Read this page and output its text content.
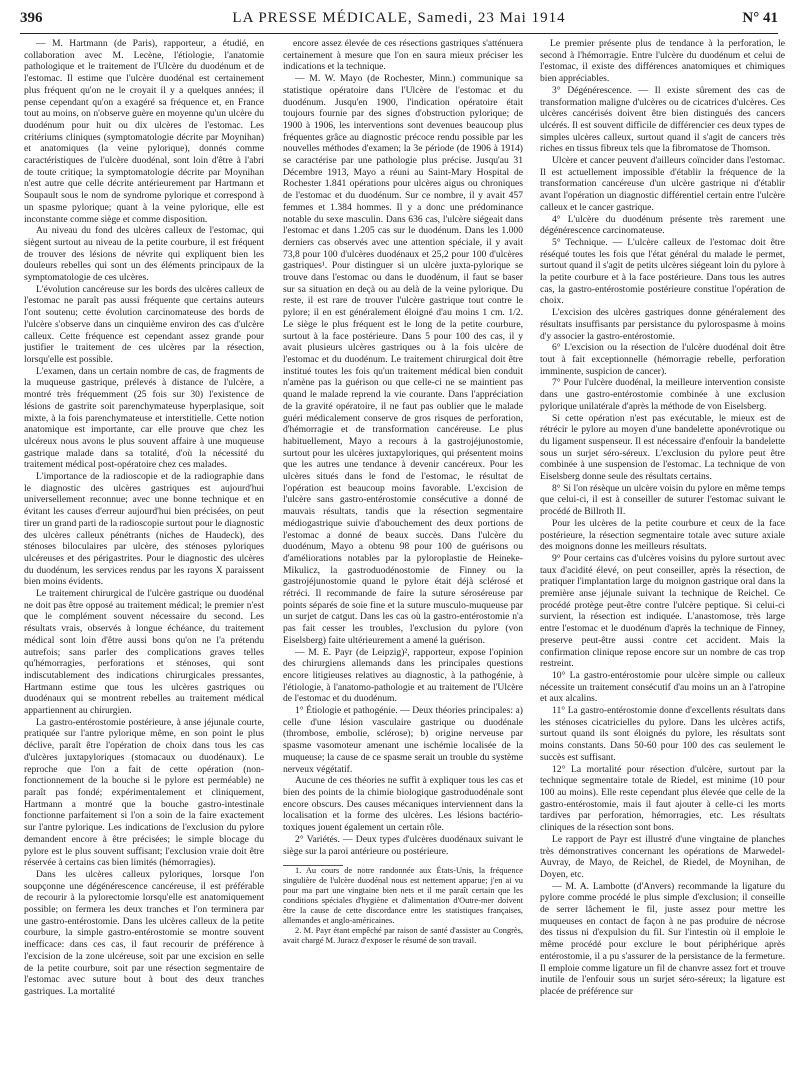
396	LA PRESSE MÉDICALE, Samedi, 23 Mai 1914	N° 41

— M. Hartmann (de Paris), rapporteur, a étudié, en collaboration avec M. Lecène, l'étiologie, l'anatomie pathologique et le traitement de l'Ulcère du duodénum et de l'estomac. Il estime que l'ulcère duodénal est certainement plus fréquent qu'on ne le croyait il y a quelques années; il pense cependant qu'on a exagéré sa fréquence et, en France tout au moins, on n'observe guère en moyenne qu'un ulcère du duodénum pour huit ou dix ulcères de l'estomac. Les critériums cliniques (symptomatologie décrite par Moynihan) et anatomiques (la veine pylorique), donnés comme caractéristiques de l'ulcère duodénal, sont loin d'être à l'abri de toute critique; la symptomatologie décrite par Moynihan n'est autre que celle décrite antérieurement par Hartmann et Soupault sous le nom de syndrome pylorique et correspond à un spasme pylorique; quant à la veine pylorique, elle est inconstante comme siège et comme disposition.

Au niveau du fond des ulcères calleux de l'estomac, qui siègent surtout au niveau de la petite courbure, il est fréquent de trouver des lésions de névrite qui expliquent bien les douleurs rebelles qui sont un des éléments principaux de la symptomatologie de ces ulcères.

L'évolution cancéreuse sur les bords des ulcères calleux de l'estomac ne paraît pas aussi fréquente que certains auteurs l'ont soutenu; cette évolution carcinomateuse des bords de l'ulcère s'observe dans un cinquième environ des cas d'ulcère calleux. Cette fréquence est cependant assez grande pour justifier le traitement de ces ulcères par la résection, lorsqu'elle est possible.

L'examen, dans un certain nombre de cas, de fragments de la muqueuse gastrique, prélevés à distance de l'ulcère, a montré très fréquemment (25 fois sur 30) l'existence de lésions de gastrite soit parenchymateuse hyperplasique, soit mixte, à la fois parenchymateuse et interstitielle. Cette notion anatomique est importante, car elle prouve que chez les ulcéreux nous avons le plus souvent affaire à une muqueuse gastrique malade dans sa totalité, d'où la nécessité du traitement médical post-opératoire chez ces malades.

L'importance de la radioscopie et de la radiographie dans le diagnostic des ulcères gastriques est aujourd'hui universellement reconnue; avec une bonne technique et en évitant les causes d'erreur aujourd'hui bien précisées, on peut tirer un grand parti de la radioscopie surtout pour le diagnostic des ulcères calleux pénétrants (niches de Haudeck), des sténoses biloculaires par ulcère, des sténoses pyloriques ulcéreuses et des périgastrites. Pour le diagnostic des ulcères du duodénum, les services rendus par les rayons X paraissent bien moins évidents.

Le traitement chirurgical de l'ulcère gastrique ou duodénal ne doit pas être opposé au traitement médical; le premier n'est que le complément souvent nécessaire du second. Les résultats vrais, observés à longue échéance, du traitement médical sont loin d'être aussi bons qu'on ne l'a prétendu autrefois; sans parler des complications graves telles qu'hémorragies, perforations et sténoses, qui sont indiscutablement des indications chirurgicales pressantes, Hartmann estime que tous les ulcères gastriques ou duodénaux qui se montrent rebelles au traitement médical appartiennent au chirurgien.

La gastro-entérostomie postérieure, à anse jéjunale courte, pratiquée sur l'antre pylorique même, en son point le plus déclive, paraît être l'opération de choix dans tous les cas d'ulcères juxtapyloriques (stomacaux ou duodénaux). Le reproche que l'on a fait de cette opération (non-fonctionnement de la bouche si le pylore est perméable) ne paraît pas fondé; expérimentalement et cliniquement, Hartmann a montré que la bouche gastro-intestinale fonctionne parfaitement si l'on a soin de la faire exactement sur l'antre pylorique. Les indications de l'exclusion du pylore demandent encore à être précisées; le simple blocage du pylore est le plus souvent suffisant; l'exclusion vraie doit être réservée à certains cas bien limités (hémorragies).

Dans les ulcères calleux pyloriques, lorsque l'on soupçonne une dégénérescence cancéreuse, il est préférable de recourir à la pylorectomie lorsqu'elle est anatomiquement possible; on fermera les deux tranches et l'on terminera par une gastro-entérostomie. Dans les ulcères calleux de la petite courbure, la simple gastro-entérostomie se montre souvent inefficace: dans ces cas, il faut recourir de préférence à l'excision de la zone ulcéreuse, soit par une excision en selle de la petite courbure, soit par une résection segmentaire de l'estomac avec suture bout à bout des deux tranches gastriques. La mortalité

encore assez élevée de ces résections gastriques s'atténuera certainement à mesure que l'on en saura mieux préciser les indications et la technique.

— M. W. Mayo (de Rochester, Minn.) communique sa statistique opératoire dans l'Ulcère de l'estomac et du duodénum. Jusqu'en 1900, l'indication opératoire était toujours fournie par des signes d'obstruction pylorique; de 1900 à 1906, les interventions sont devenues beaucoup plus fréquentes grâce au diagnostic précoce rendu possible par les nouvelles méthodes d'examen; la 3e période (de 1906 à 1914) se caractérise par une pathologie plus précise. Jusqu'au 31 Décembre 1913, Mayo a réuni au Saint-Mary Hospital de Rochester 1.841 opérations pour ulcères aigus ou chroniques de l'estomac et du duodénum. Sur ce nombre, il y avait 457 femmes et 1.384 hommes. Il y a donc une prédominance notable du sexe masculin. Dans 636 cas, l'ulcère siégeait dans l'estomac et dans 1.205 cas sur le duodénum. Dans les 1.000 derniers cas observés avec une attention spéciale, il y avait 73,8 pour 100 d'ulcères duodénaux et 25,2 pour 100 d'ulcères gastriques¹. Pour distinguer si un ulcère juxta-pylorique se trouve dans l'estomac ou dans le duodénum, il faut se baser sur sa situation en deçà ou au delà de la veine pylorique. Du reste, il est rare de trouver l'ulcère gastrique tout contre le pylore; il en est généralement éloigné d'au moins 1 cm. 1/2. Le siège le plus fréquent est le long de la petite courbure, surtout à la face postérieure. Dans 5 pour 100 des cas, il y avait plusieurs ulcères gastriques ou à la fois ulcère de l'estomac et du duodénum. Le traitement chirurgical doit être institué toutes les fois qu'un traitement médical bien conduit n'amène pas la guérison ou que celle-ci ne se maintient pas quand le malade reprend la vie courante. Dans l'appréciation de la gravité opératoire, il ne faut pas oublier que le malade guéri médicalement conserve de gros risques de perforation, d'hémorragie et de transformation cancéreuse. Le plus habituellement, Mayo a recours à la gastrojéjunostomie, surtout pour les ulcères juxtapyloriques, qui présentent moins que les autres une tendance à devenir cancéreux. Pour les ulcères situés dans le fond de l'estomac, le résultat de l'opération est beaucoup moins favorable. L'excision de l'ulcère sans gastro-entérostomie consécutive a donné de mauvais résultats, tandis que la résection segmentaire médiogastrique suivie d'abouchement des deux portions de l'estomac a donné de beaux succès. Dans l'ulcère du duodénum, Mayo a obtenu 98 pour 100 de guérisons ou d'améliorations notables par la pyloroplastie de Heineke-Mikulicz, la gastroduodénostomie de Finney ou la gastrojéjunostomie quand le pylore était déjà sclérosé et rétréci. Il recommande de faire la suture séroséreuse par points séparés de soie fine et la suture musculo-muqueuse par un surjet de catgut. Dans les cas où la gastro-entérostomie n'a pas fait cesser les troubles, l'exclusion du pylore (von Eiselsberg) faite ultérieurement a amené la guérison.

— M. E. Payr (de Leipzig)², rapporteur, expose l'opinion des chirurgiens allemands dans les principales questions encore litigieuses relatives au diagnostic, à la pathogénie, à l'étiologie, à l'anatomo-pathologie et au traitement de l'Ulcère de l'estomac et du duodénum.

1° Étiologie et pathogénie. — Deux théories principales: a) celle d'une lésion vasculaire gastrique ou duodénale (thrombose, embolie, sclérose); b) origine nerveuse par spasme vasomoteur amenant une ischémie localisée de la muqueuse; la cause de ce spasme serait un trouble du système nerveux végétatif.

Aucune de ces théories ne suffit à expliquer tous les cas et bien des points de la chimie biologique gastroduodénale sont encore obscurs. Des causes mécaniques interviennent dans la localisation et la forme des ulcères. Les lésions bactério-toxiques jouent également un certain rôle.

2° Variétés. — Deux types d'ulcères duodénaux suivant le siège sur la paroi antérieure ou postérieure.

1. Au cours de notre randonnée aux États-Unis, la fréquence singulière de l'ulcère duodénal nous est nettement apparue; j'en ai vu pour ma part une vingtaine bien nets et il me paraît certain que les conditions spéciales d'hygiène et d'alimentation d'Outre-mer doivent être la cause de cette discordance entre les statistiques françaises, allemandes et anglo-américaines.

2. M. Payr étant empêché par raison de santé d'assister au Congrès, avait chargé M. Juracz d'exposer le résumé de son travail.

Le premier présente plus de tendance à la perforation, le second à l'hémorragie. Entre l'ulcère du duodénum et celui de l'estomac, il existe des différences anatomiques et chimiques bien appréciables.

3° Dégénérescence. — Il existe sûrement des cas de transformation maligne d'ulcères ou de cicatrices d'ulcères. Ces ulcères cancérisés doivent être bien distingués des cancers ulcérés. Il est souvent difficile de différencier ces deux types de simples ulcères calleux, surtout quand il s'agit de cancers très riches en tissus fibreux tels que la fibromatose de Thomson.

Ulcère et cancer peuvent d'ailleurs coïncider dans l'estomac. Il est actuellement impossible d'établir la fréquence de la transformation cancéreuse d'un ulcère gastrique ni d'établir avant l'opération un diagnostic différentiel certain entre l'ulcère calleux et le cancer gastrique.

4° L'ulcère du duodénum présente très rarement une dégénérescence carcinomateuse.

5° Technique. — L'ulcère calleux de l'estomac doit être réséqué toutes les fois que l'état général du malade le permet, surtout quand il s'agit de petits ulcères siégeant loin du pylore à la petite courbure et à la face postérieure. Dans tous les autres cas, la gastro-entérostomie postérieure constitue l'opération de choix.

L'excision des ulcères gastriques donne généralement des résultats insuffisants par persistance du pylorospasme à moins d'y associer la gastro-entérostomie.

6° L'excision ou la résection de l'ulcère duodénal doit être tout à fait exceptionnelle (hémorragie rebelle, perforation imminente, suspicion de cancer).

7° Pour l'ulcère duodénal, la meilleure intervention consiste dans une gastro-entérostomie combinée à une exclusion pylorique unilatérale d'après la méthode de von Eiselsberg.

Si cette opération n'est pas exécutable, le mieux est de rétrécir le pylore au moyen d'une bandelette aponévrotique ou du ligament suspenseur. Il est nécessaire d'enfouir la bandelette sous un surjet séro-séreux. L'exclusion du pylore peut être combinée à une suspension de l'estomac. La technique de von Eiselsberg donne seule des résultats certains.

8° Si l'on résèque un ulcère voisin du pylore en même temps que celui-ci, il est à conseiller de suturer l'estomac suivant le procédé de Billroth II.

Pour les ulcères de la petite courbure et ceux de la face postérieure, la résection segmentaire totale avec suture axiale des moignons donne les meilleurs résultats.

9° Pour certains cas d'ulcères voisins du pylore surtout avec taux d'acidité élevé, on peut conseiller, après la résection, de pratiquer l'implantation large du moignon gastrique oral dans la première anse jéjunale suivant la technique de Reichel. Ce procédé protège peut-être contre l'ulcère peptique. Si celui-ci survient, la résection est indiquée. L'anastomose, très large entre l'estomac et le duodénum d'après la technique de Finney, preserve peut-être aussi contre cet accident. Mais la confirmation clinique repose encore sur un nombre de cas trop restreint.

10° La gastro-entérostomie pour ulcère simple ou calleux nécessite un traitement consécutif d'au moins un an à l'atropine et aux alcalins.

11° La gastro-entérostomie donne d'excellents résultats dans les sténoses cicatricielles du pylore. Dans les ulcères actifs, surtout quand ils sont éloignés du pylore, les résultats sont moins constants. Dans 50-60 pour 100 des cas seulement le succès est suffisant.

12° La mortalité pour résection d'ulcère, surtout par la technique segmentaire totale de Riedel, est minime (10 pour 100 au moins). Elle reste cependant plus élevée que celle de la gastro-entérostomie, mais il faut ajouter à celle-ci les morts tardives par perforation, hémorragies, etc. Les résultats cliniques de la résection sont bons.

Le rapport de Payr est illustré d'une vingtaine de planches très démonstratives concernant les opérations de Marwedel-Auvray, de Mayo, de Reichel, de Riedel, de Moynihan, de Doyen, etc.

— M. A. Lambotte (d'Anvers) recommande la ligature du pylore comme procédé le plus simple d'exclusion; il conseille de serrer lâchement le fil, juste assez pour mettre les muqueuses en contact de façon à ne pas produire de nécrose des tissus ni d'expulsion du fil. Sur l'intestin où il emploie le même procédé pour exclure le bout périphérique après entérostomie, il a pu s'assurer de la persistance de la fermeture. Il emploie comme ligature un fil de chanvre assez fort et trouve inutile de l'enfouir sous un surjet séro-séreux; la ligature est placée de préférence sur
